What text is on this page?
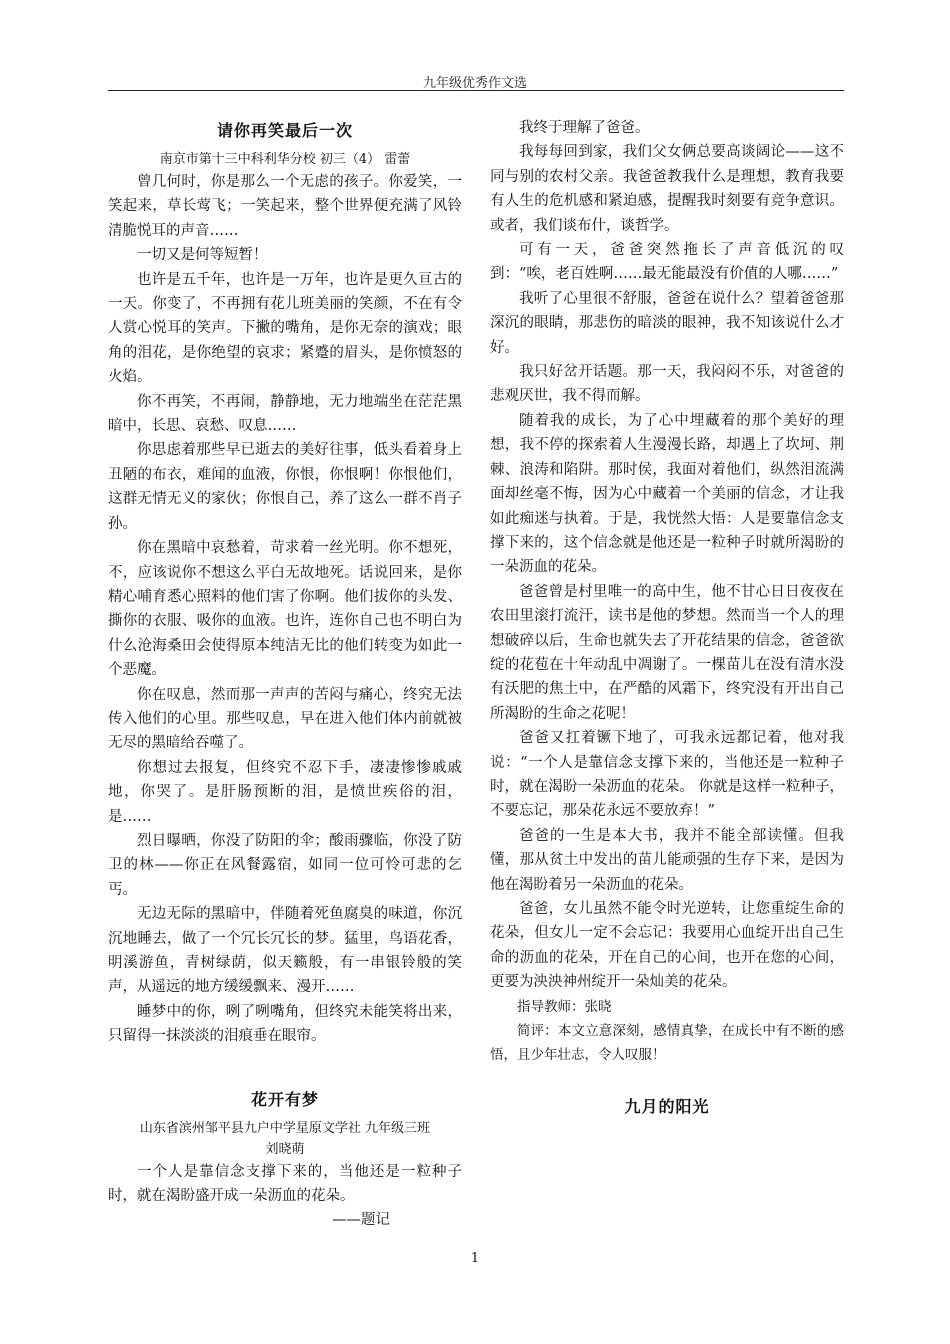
九年级优秀作文选
请你再笑最后一次
南京市第十三中科利华分校 初三（4） 雷蕾

曾几何时，你是那么一个无虑的孩子。你爱笑，一笑起来，草长莺飞；一笑起来，整个世界便充满了风铃清脆悦耳的声音……

一切又是何等短暂！

也许是五千年，也许是一万年，也许是更久亘古的一天。你变了，不再拥有花儿班美丽的笑颜，不在有令人赏心悦耳的笑声。下撇的嘴角，是你无奈的演戏；眼角的泪花，是你绝望的哀求；紧蹙的眉头，是你愤怒的火焰。

你不再笑，不再闹，静静地，无力地端坐在茫茫黑暗中，长思、哀愁、叹息……

你思虑着那些早已逝去的美好往事，低头看着身上丑陋的布衣，难闻的血液，你恨，你恨啊！你恨他们，这群无情无义的家伙；你恨自己，养了这么一群不肖子孙。

你在黑暗中哀愁着，苛求着一丝光明。你不想死，不，应该说你不想这么平白无故地死。话说回来，是你精心哺育悉心照料的他们害了你啊。他们拔你的头发、撕你的衣服、吸你的血液。也许，连你自己也不明白为什么沧海桑田会使得原本纯洁无比的他们转变为如此一个恶魔。

你在叹息，然而那一声声的苦闷与痛心，终究无法传入他们的心里。那些叹息，早在进入他们体内前就被无尽的黑暗给吞噬了。

你想过去报复，但终究不忍下手，凄凄惨惨戚戚地，你哭了。是肝肠预断的泪，是愤世疾俗的泪，是……

烈日曝晒，你没了防阳的伞；酸雨骤临，你没了防卫的林——你正在风餐露宿，如同一位可怜可悲的乞丐。

无边无际的黑暗中，伴随着死鱼腐臭的味道，你沉沉地睡去，做了一个冗长冗长的梦。猛里，鸟语花香，明溪游鱼，青树绿荫，似天籁般，有一串银铃般的笑声，从遥远的地方缓缓飘来、漫开……

睡梦中的你，咧了咧嘴角，但终究未能笑将出来，只留得一抹淡淡的泪痕垂在眼帘。

花开有梦
山东省滨州邹平县九户中学星原文学社 九年级三班
刘晓萌

一个人是靠信念支撑下来的，当他还是一粒种子时，就在渴盼盛开成一朵沥血的花朵。

——题记

我终于理解了爸爸。

我每每回到家，我们父女俩总要高谈阔论——这不同与别的农村父亲。我爸爸教我什么是理想，教育我要有人生的危机感和紧迫感，提醒我时刻要有竞争意识。或者，我们谈布什，谈哲学。

可有一天，爸爸突然拖长了声音低沉的叹到：“唉，老百姓啊……最无能最没有价值的人哪……”

我听了心里很不舒服，爸爸在说什么？望着爸爸那深沉的眼睛，那悲伤的暗淡的眼神，我不知该说什么才好。

我只好岔开话题。那一天，我闷闷不乐，对爸爸的悲观厌世，我不得而解。

随着我的成长，为了心中埋藏着的那个美好的理想，我不停的探索着人生漫漫长路，却遇上了坎坷、荆棘、浪涛和陷阱。那时侯，我面对着他们，纵然泪流满面却丝毫不悔，因为心中藏着一个美丽的信念，才让我如此痴迷与执着。于是，我恍然大悟：人是要靠信念支撑下来的，这个信念就是他还是一粒种子时就所渴盼的一朵沥血的花朵。

爸爸曾是村里唯一的高中生，他不甘心日日夜夜在农田里滚打流汗，读书是他的梦想。然而当一个人的理想破碎以后，生命也就失去了开花结果的信念，爸爸欲绽的花苞在十年动乱中凋谢了。一棵苗儿在没有清水没有沃肥的焦土中，在严酷的风霜下，终究没有开出自己所渴盼的生命之花呢！

爸爸又扛着镢下地了，可我永远都记着，他对我说：“一个人是靠信念支撑下来的，当他还是一粒种子时，就在渴盼一朵沥血的花朵。 你就是这样一粒种子，不要忘记，那朵花永远不要放弃！”

爸爸的一生是本大书，我并不能全部读懂。但我懂，那从贫土中发出的苗儿能顽强的生存下来，是因为他在渴盼着另一朵沥血的花朵。

爸爸，女儿虽然不能令时光逆转，让您重绽生命的花朵，但女儿一定不会忘记：我要用心血绽开出自己生命的沥血的花朵，开在自己的心间，也开在您的心间，更要为泱泱神州绽开一朵灿美的花朵。

指导教师：张晓

简评：本文立意深刻，感情真挚，在成长中有不断的感悟，且少年壮志，令人叹服！

九月的阳光
1
